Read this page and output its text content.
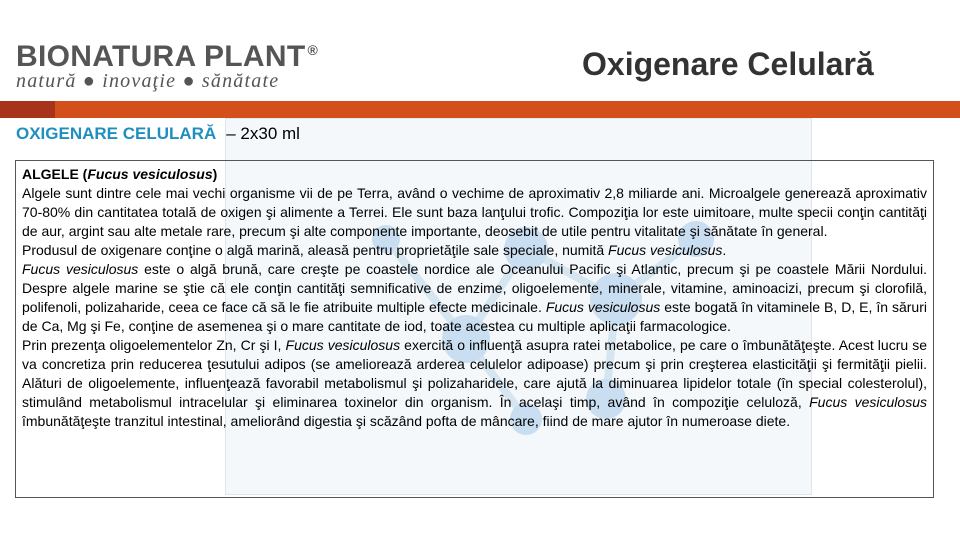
BIONATURA PLANT ®
natură ● inovaţie ● sănătate	Oxigenare Celulară
OXIGENARE CELULARĂ – 2x30 ml

ALGELE (Fucus vesiculosus)

Algele sunt dintre cele mai vechi organisme vii de pe Terra, având o vechime de aproximativ 2,8 miliarde ani. Microalgele generează aproximativ 70-80% din cantitatea totală de oxigen şi alimente a Terrei. Ele sunt baza lanţului trofic. Compoziţia lor este uimitoare, multe specii conţin cantităţi de aur, argint sau alte metale rare, precum şi alte componente importante, deosebit de utile pentru vitalitate şi sănătate în general.

Produsul de oxigenare conţine o algă marină, aleasă pentru proprietăţile sale speciale, numită Fucus vesiculosus.

Fucus vesiculosus este o algă brună, care creşte pe coastele nordice ale Oceanului Pacific şi Atlantic, precum şi pe coastele Mării Nordului. Despre algele marine se ştie că ele conţin cantităţi semnificative de enzime, oligoelemente, minerale, vitamine, aminoacizi, precum şi clorofilă, polifenoli, polizaharide, ceea ce face că să le fie atribuite multiple efecte medicinale. Fucus vesiculosus este bogată în vitaminele B, D, E, în săruri de Ca, Mg şi Fe, conţine de asemenea şi o mare cantitate de iod, toate acestea cu multiple aplicaţii farmacologice.

Prin prezenţa oligoelementelor Zn, Cr şi I, Fucus vesiculosus exercită o influenţă asupra ratei metabolice, pe care o îmbunătăţeşte. Acest lucru se va concretiza prin reducerea ţesutului adipos (se ameliorează arderea celulelor adipoase) precum şi prin creşterea elasticităţii şi fermităţii pielii. Alături de oligoelemente, influenţează favorabil metabolismul şi polizaharidele, care ajută la diminuarea lipidelor totale (în special colesterolul), stimulând metabolismul intracelular şi eliminarea toxinelor din organism. În acelaşi timp, având în compoziţie celuloză, Fucus vesiculosus îmbunătăţeşte tranzitul intestinal, ameliorând digestia şi scăzând pofta de mâncare, fiind de mare ajutor în numeroase diete.
